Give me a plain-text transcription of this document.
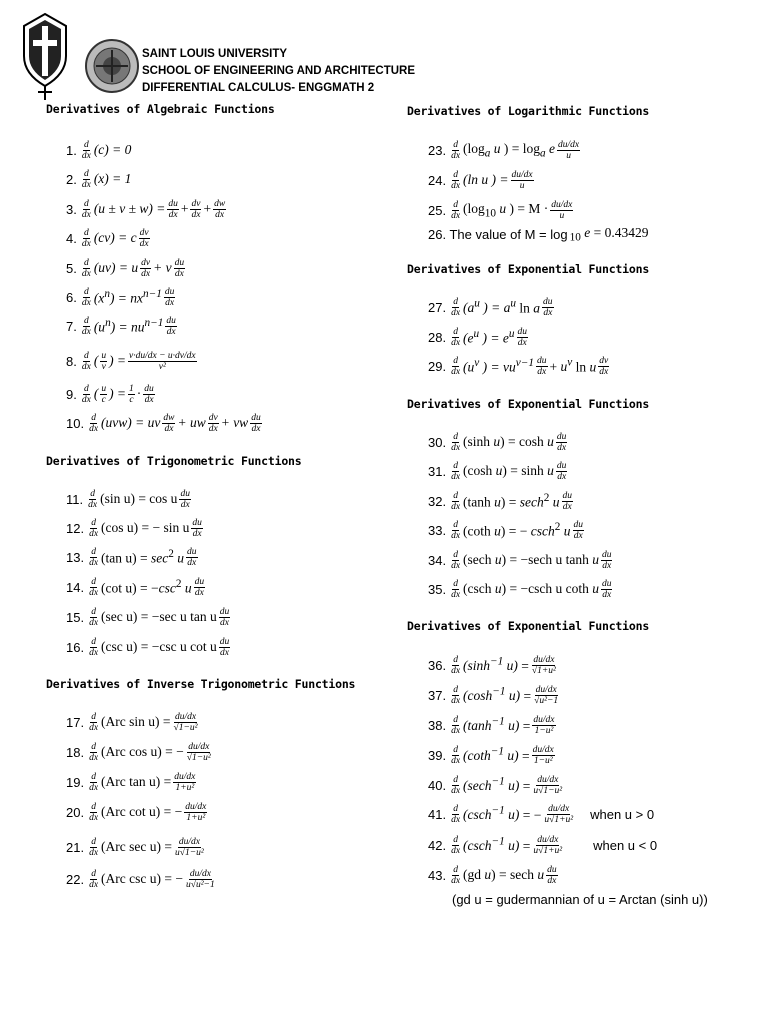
SAINT LOUIS UNIVERSITY
SCHOOL OF ENGINEERING AND ARCHITECTURE
DIFFERENTIAL CALCULUS- ENGGMATH 2
Derivatives of Algebraic Functions
1. $\frac{d}{dx} (c) = 0$
2. $\frac{d}{dx} (x) = 1$
3. $\frac{d}{dx} (u \pm v \pm w) = \frac{du}{dx} + \frac{dv}{dx} + \frac{dw}{dx}$
4. $\frac{d}{dx} (cv) = c \frac{dv}{dx}$
5. $\frac{d}{dx} (uv) = u \frac{dv}{dx} + v \frac{du}{dx}$
6. $\frac{d}{dx} (x^n) = nx^{n-1} \frac{du}{dx}$
7. $\frac{d}{dx} (u^n) = nu^{n-1} \frac{du}{dx}$
8. $\frac{d}{dx}$ ( $\frac{u}{v}$ ) = $\frac{v\cdot du/dx - u\cdot dv/dx}{\text{v²}}$
9. $\frac{d}{dx}$ ( $\frac{u}{c}$ ) = $\frac{1}{c} \cdot \frac{du}{dx}$
10. $\frac{d}{dx} (uvw)$ = uv $\frac{dw}{dx}$ + uw $\frac{dv}{dx}$ + vw $\frac{du}{dx}$
Derivatives of Trigonometric Functions
11. $\frac{d}{dx} (\sin$ u) = cos u $\frac{du}{dx}$
12. $\frac{d}{dx} (\cos$ u) = − sin u $\frac{du}{dx}$
13. $\frac{d}{dx} (\tan$ $u) = \sec^2 u \frac{du}{dx}$
14. $\frac{d}{dx} (\cot$ $u) = -\csc^2$ u $\frac{du}{dx}$
15. $\frac{d}{dx} (\sec$ u) = −sec u tan u $\frac{du}{dx}$
16. $\frac{d}{dx} (\csc$ u) = −csc u cot u $\frac{du}{dx}$
Derivatives of Inverse Trigonometric Functions
17. $\frac{d}{dx} (Arc$ $\sin u) = \frac{du/dx}{\text{√1−u²}}$
18. $\frac{d}{dx} (Arc$ cos u) = − $\frac{du/dx}{\text{√1−u²}}$
19. $\frac{d}{dx} (Arc$ $\tan u) = \frac{du/dx}{\text{1+u²}}$
20. $\frac{d}{dx} (Arc$ cot u) = − $\frac{du/dx}{\text{1+u²}}$
21. $\frac{d}{dx} (Arc$ $\sec u) = \frac{du/dx}{\text{u√1−u²}}$
22. $\frac{d}{dx} (Arc$ csc u) = − $\frac{du/dx}{\text{u√u²−1}}$
Derivatives of Logarithmic Functions
23. $\frac{d}{dx} (\log_a$ u ) = $\log_a e \frac{du/dx}{u}$
24. $\frac{d}{dx} (\ln$ u ) = $\frac{du/dx}{u}$
25. $\frac{d}{dx} (\log_{10}$ u ) = $M \cdot \frac{du/dx}{u}$
26. The value of M = log $_{10}$ e = 0.43429
Derivatives of Exponential Functions
27. $\frac{d}{dx} (a^u$ ) = $a^u$ ln a $\frac{du}{dx}$
28. $\frac{d}{dx} (e^u$ ) = $e^u \frac{du}{dx}$
29. $\frac{d}{dx} (u^v$ ) = $vu^{v-1} \frac{du}{dx} + u^v$ ln u $\frac{dv}{dx}$
Derivatives of Exponential Functions
30. $\frac{d}{dx} (\sinh$ u) = cosh u $\frac{du}{dx}$
31. $\frac{d}{dx} (\cosh$ u) = sinh u $\frac{du}{dx}$
32. $\frac{d}{dx} (\tanh$ u) = sech$^2$ u $\frac{du}{dx}$
33. $\frac{d}{dx} (\cot h$ u) = − csch$^2$ u $\frac{du}{dx}$
34. $\frac{d}{dx} (\sec h$ u) = −sech u tanh u $\frac{du}{dx}$
35. $\frac{d}{dx} (\csc h$ u) = −csch u coth u $\frac{du}{dx}$
Derivatives of Exponential Functions
36. $\frac{d}{dx} (\sinh^{-1}$ $u) = \frac{du/dx}{\text{√1+u²}}$
37. $\frac{d}{dx} (\cosh^{-1}$ $u) = \frac{du/dx}{\text{√u²−1}}$
38. $\frac{d}{dx} (\tanh^{-1}$ $u) = \frac{du/dx}{\text{1−u²}}$
39. $\frac{d}{dx} (\cot h^{-1}$ $u) = \frac{du/dx}{\text{1−u²}}$
40. $\frac{d}{dx} (\sec h^{-1}$ $u) = \frac{du/dx}{\text{u√1−u²}}$
41. $\frac{d}{dx} (\csc h^{-1}$ u) = − $\frac{du/dx}{\text{u√1+u²}}$ when u > 0
42. $\frac{d}{dx} (\csc h^{-1}$ $u) = \frac{du/dx}{\text{u√1+u²}}$ when u < 0
43. $\frac{d}{dx} (gd$ u) = sech u $\frac{du}{dx}$
(gd u = gudermannian of u = Arctan (sinh u))
